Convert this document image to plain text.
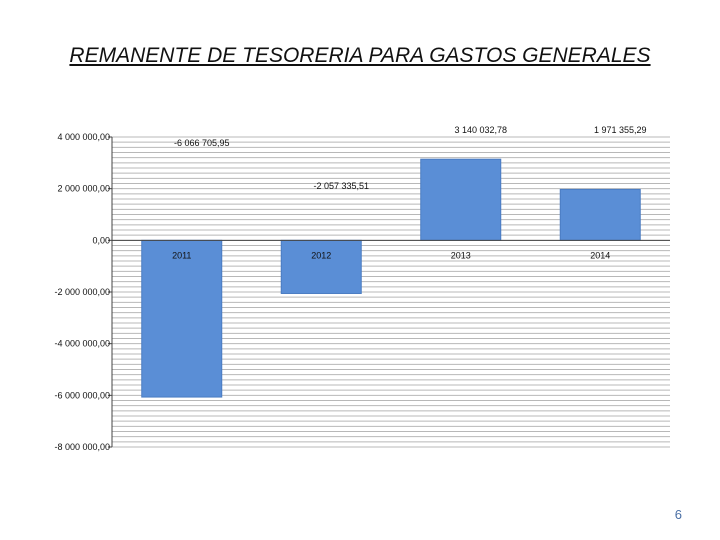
REMANENTE DE TESORERIA PARA GASTOS GENERALES
4 000 000,00
2 000 000,00
0,00
-2 000 000,00
-4 000 000,00
-6 000 000,00
-8 000 000,00
2011	2012	2013	2014
-6 066 705,95
-2 057 335,51
3 140 032,78	1 971 355,29
6
